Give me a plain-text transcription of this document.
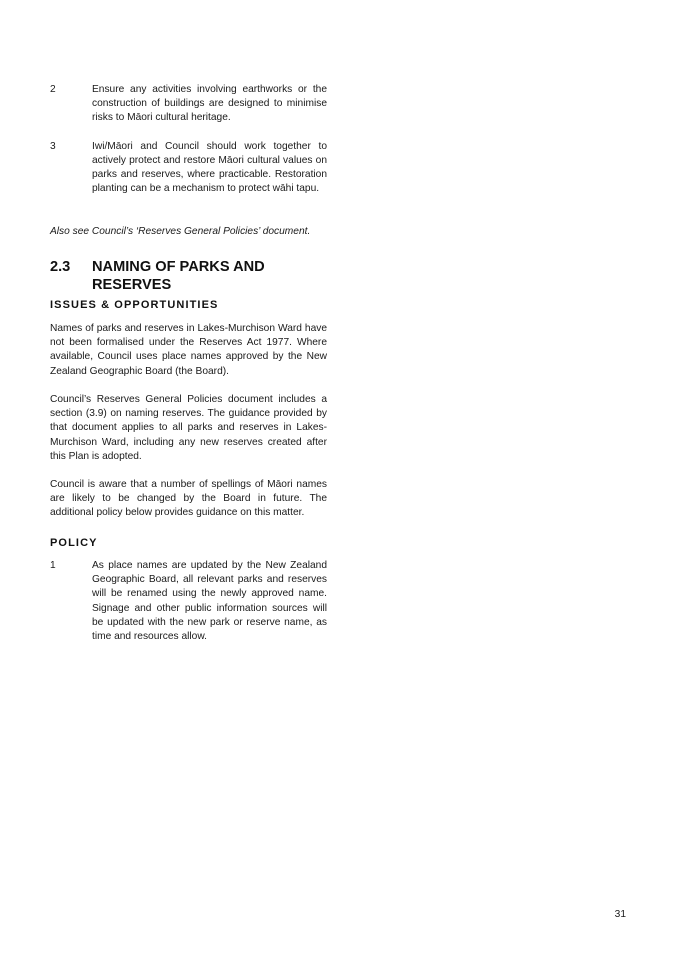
2	Ensure any activities involving earthworks or the construction of buildings are designed to minimise risks to Māori cultural heritage.
3	Iwi/Māori and Council should work together to actively protect and restore Māori cultural values on parks and reserves, where practicable. Restoration planting can be a mechanism to protect wāhi tapu.
Also see Council’s ‘Reserves General Policies’ document.
2.3	NAMING OF PARKS AND RESERVES
ISSUES & OPPORTUNITIES
Names of parks and reserves in Lakes-Murchison Ward have not been formalised under the Reserves Act 1977. Where available, Council uses place names approved by the New Zealand Geographic Board (the Board).
Council’s Reserves General Policies document includes a section (3.9) on naming reserves. The guidance provided by that document applies to all parks and reserves in Lakes-Murchison Ward, including any new reserves created after this Plan is adopted.
Council is aware that a number of spellings of Māori names are likely to be changed by the Board in future. The additional policy below provides guidance on this matter.
POLICY
1	As place names are updated by the New Zealand Geographic Board, all relevant parks and reserves will be renamed using the newly approved name. Signage and other public information sources will be updated with the new park or reserve name, as time and resources allow.
31
